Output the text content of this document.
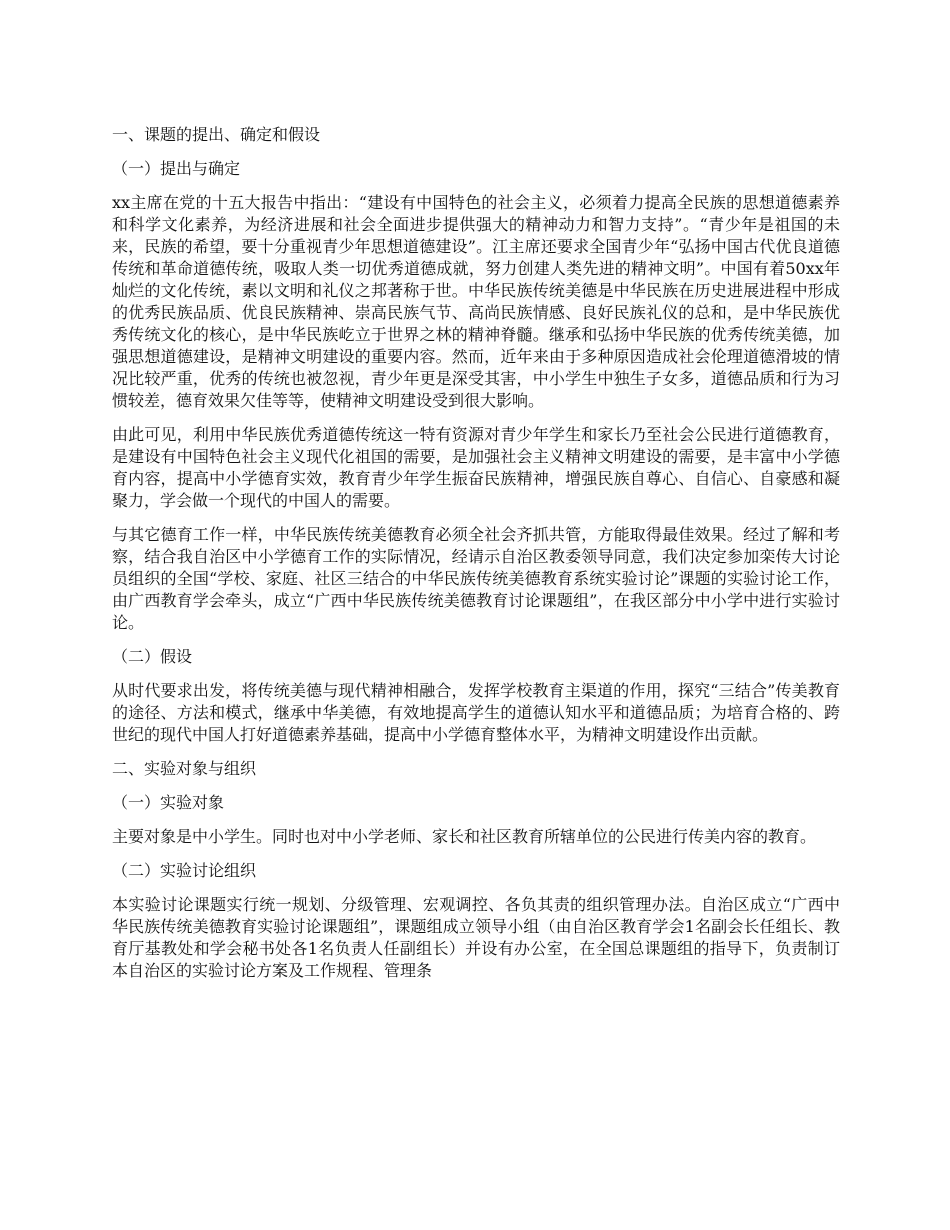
一、课题的提出、确定和假设
（一）提出与确定

xx主席在党的十五大报告中指出：“建设有中国特色的社会主义，必须着力提高全民族的思想道德素养和科学文化素养，为经济进展和社会全面进步提供强大的精神动力和智力支持”。“青少年是祖国的未来，民族的希望，要十分重视青少年思想道德建设”。江主席还要求全国青少年“弘扬中国古代优良道德传统和革命道德传统，吸取人类一切优秀道德成就，努力创建人类先进的精神文明”。中国有着50xx年灿烂的文化传统，素以文明和礼仪之邦著称于世。中华民族传统美德是中华民族在历史进展进程中形成的优秀民族品质、优良民族精神、崇高民族气节、高尚民族情感、良好民族礼仪的总和，是中华民族优秀传统文化的核心，是中华民族屹立于世界之林的精神脊髓。继承和弘扬中华民族的优秀传统美德，加强思想道德建设，是精神文明建设的重要内容。然而，近年来由于多种原因造成社会伦理道德滑坡的情况比较严重，优秀的传统也被忽视，青少年更是深受其害，中小学生中独生子女多，道德品质和行为习惯较差，德育效果欠佳等等，使精神文明建设受到很大影响。

由此可见，利用中华民族优秀道德传统这一特有资源对青少年学生和家长乃至社会公民进行道德教育，是建设有中国特色社会主义现代化祖国的需要，是加强社会主义精神文明建设的需要，是丰富中小学德育内容，提高中小学德育实效，教育青少年学生振奋民族精神，增强民族自尊心、自信心、自豪感和凝聚力，学会做一个现代的中国人的需要。

与其它德育工作一样，中华民族传统美德教育必须全社会齐抓共管，方能取得最佳效果。经过了解和考察，结合我自治区中小学德育工作的实际情况，经请示自治区教委领导同意，我们决定参加栾传大讨论员组织的全国“学校、家庭、社区三结合的中华民族传统美德教育系统实验讨论”课题的实验讨论工作，由广西教育学会牵头，成立“广西中华民族传统美德教育讨论课题组”，在我区部分中小学中进行实验讨论。

（二）假设

从时代要求出发，将传统美德与现代精神相融合，发挥学校教育主渠道的作用，探究“三结合”传美教育的途径、方法和模式，继承中华美德，有效地提高学生的道德认知水平和道德品质；为培育合格的、跨世纪的现代中国人打好道德素养基础，提高中小学德育整体水平，为精神文明建设作出贡献。

二、实验对象与组织
（一）实验对象

主要对象是中小学生。同时也对中小学老师、家长和社区教育所辖单位的公民进行传美内容的教育。

（二）实验讨论组织

本实验讨论课题实行统一规划、分级管理、宏观调控、各负其责的组织管理办法。自治区成立“广西中华民族传统美德教育实验讨论课题组”，课题组成立领导小组（由自治区教育学会1名副会长任组长、教育厅基教处和学会秘书处各1名负责人任副组长）并设有办公室，在全国总课题组的指导下，负责制订本自治区的实验讨论方案及工作规程、管理条
